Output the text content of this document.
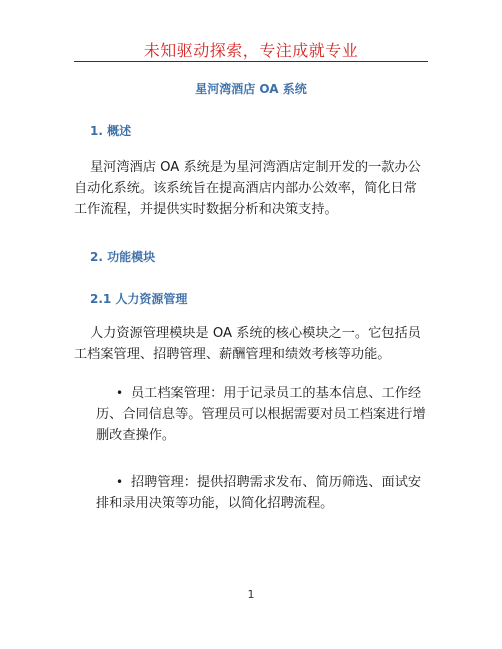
未知驱动探索，专注成就专业
星河湾酒店 OA 系统
1. 概述
星河湾酒店 OA 系统是为星河湾酒店定制开发的一款办公自动化系统。该系统旨在提高酒店内部办公效率，简化日常工作流程，并提供实时数据分析和决策支持。
2. 功能模块
2.1 人力资源管理
人力资源管理模块是 OA 系统的核心模块之一。它包括员工档案管理、招聘管理、薪酬管理和绩效考核等功能。
• 员工档案管理：用于记录员工的基本信息、工作经历、合同信息等。管理员可以根据需要对员工档案进行增删改查操作。
• 招聘管理：提供招聘需求发布、简历筛选、面试安排和录用决策等功能，以简化招聘流程。
1
